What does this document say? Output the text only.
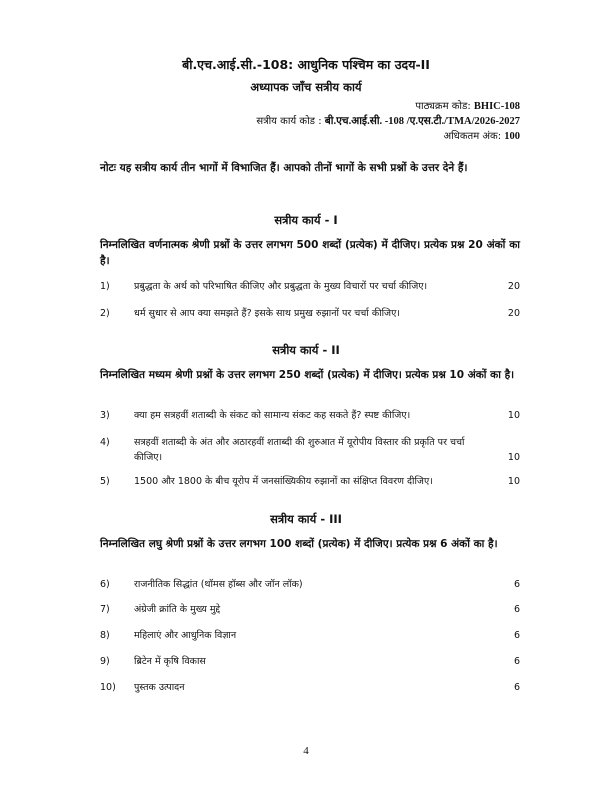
बी.एच.आई.सी.-108: आधुनिक पश्चिम का उदय-II
अध्यापक जाँच सत्रीय कार्य
पाठ्यक्रम कोड: BHIC-108
सत्रीय कार्य कोड : बी.एच.आई.सी. -108 /ए.एस.टी./TMA/2026-2027
अधिकतम अंक: 100
नोटः यह सत्रीय कार्य तीन भागों में विभाजित हैं। आपको तीनों भागों के सभी प्रश्नों के उत्तर देने हैं।
सत्रीय कार्य - I
निम्नलिखित वर्णनात्मक श्रेणी प्रश्नों के उत्तर लगभग 500 शब्दों (प्रत्येक) में दीजिए। प्रत्येक प्रश्न 20 अंकों का है।
1)	प्रबुद्धता के अर्थ को परिभाषित कीजिए और प्रबुद्धता के मुख्य विचारों पर चर्चा कीजिए।	20
2)	धर्म सुधार से आप क्या समझते हैं? इसके साथ प्रमुख रुझानों पर चर्चा कीजिए।	20
सत्रीय कार्य - II
निम्नलिखित मध्यम श्रेणी प्रश्नों के उत्तर लगभग 250 शब्दों (प्रत्येक) में दीजिए। प्रत्येक प्रश्न 10 अंकों का है।
3)	क्या हम सत्रहवीं शताब्दी के संकट को सामान्य संकट कह सकते हैं? स्पष्ट कीजिए।	10
4)	सत्रहवीं शताब्दी के अंत और अठारहवीं शताब्दी की शुरुआत में यूरोपीय विस्तार की प्रकृति पर चर्चा कीजिए।	10
5)	1500 और 1800 के बीच यूरोप में जनसांख्यिकीय रुझानों का संक्षिप्त विवरण दीजिए।	10
सत्रीय कार्य - III
निम्नलिखित लघु श्रेणी प्रश्नों के उत्तर लगभग 100 शब्दों (प्रत्येक) में दीजिए। प्रत्येक प्रश्न 6 अंकों का है।
6)	राजनीतिक सिद्धांत (थॉमस हॉब्स और जॉन लॉक)	6
7)	अंग्रेजी क्रांति के मुख्य मुद्दे	6
8)	महिलाएं और आधुनिक विज्ञान	6
9)	ब्रिटेन में कृषि विकास	6
10) पुस्तक उत्पादन	6
4
